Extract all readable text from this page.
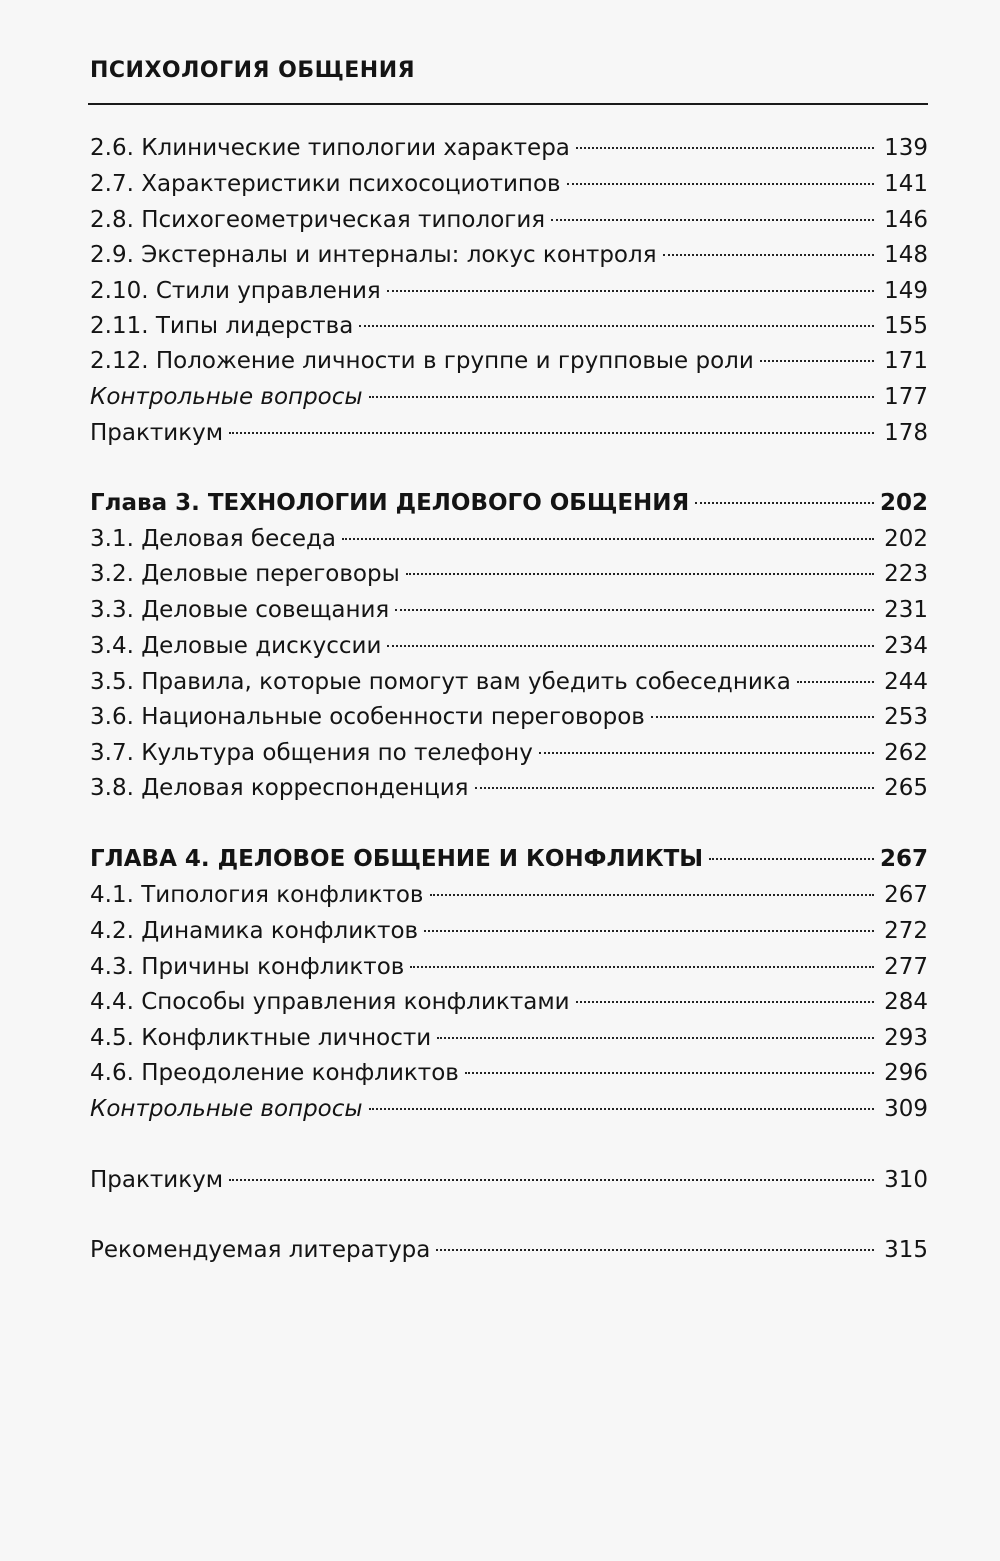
ПСИХОЛОГИЯ ОБЩЕНИЯ
2.6. Клинические типологии характера	139
2.7. Характеристики психосоциотипов	141
2.8. Психогеометрическая типология	146
2.9. Экстерналы и интерналы: локус контроля	148
2.10. Стили управления	149
2.11. Типы лидерства	155
2.12. Положение личности в группе и групповые роли	171
Контрольные вопросы	177
Практикум	178
Глава 3. ТЕХНОЛОГИИ ДЕЛОВОГО ОБЩЕНИЯ	202
3.1. Деловая беседа	202
3.2. Деловые переговоры	223
3.3. Деловые совещания	231
3.4. Деловые дискуссии	234
3.5. Правила, которые помогут вам убедить собеседника	244
3.6. Национальные особенности переговоров	253
3.7. Культура общения по телефону	262
3.8. Деловая корреспонденция	265
ГЛАВА 4. ДЕЛОВОЕ ОБЩЕНИЕ И КОНФЛИКТЫ	267
4.1. Типология конфликтов	267
4.2. Динамика конфликтов	272
4.3. Причины конфликтов	277
4.4. Способы управления конфликтами	284
4.5. Конфликтные личности	293
4.6. Преодоление конфликтов	296
Контрольные вопросы	309
Практикум	310
Рекомендуемая литература	315
